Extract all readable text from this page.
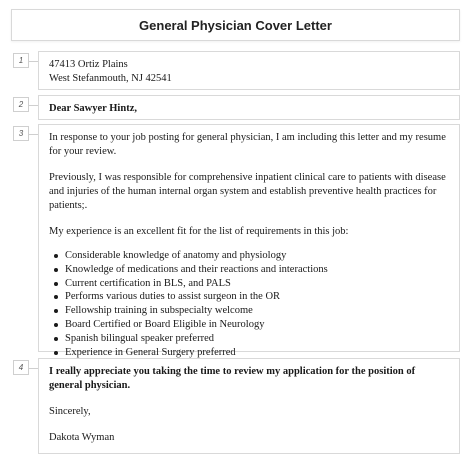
General Physician Cover Letter
1	47413 Ortiz Plains

West Stefanmouth, NJ 42541

2	Dear Sawyer Hintz,

3	In response to your job posting for general physician, I am including this letter and my resume for your review.

Previously, I was responsible for comprehensive inpatient clinical care to patients with disease and injuries of the human internal organ system and establish preventive health practices for patients;.

My experience is an excellent fit for the list of requirements in this job:

Considerable knowledge of anatomy and physiology
Knowledge of medications and their reactions and interactions
Current certification in BLS, and PALS
Performs various duties to assist surgeon in the OR
Fellowship training in subspecialty welcome
Board Certified or Board Eligible in Neurology
Spanish bilingual speaker preferred
Experience in General Surgery preferred
4	I really appreciate you taking the time to review my application for the position of general physician.

Sincerely,

Dakota Wyman
